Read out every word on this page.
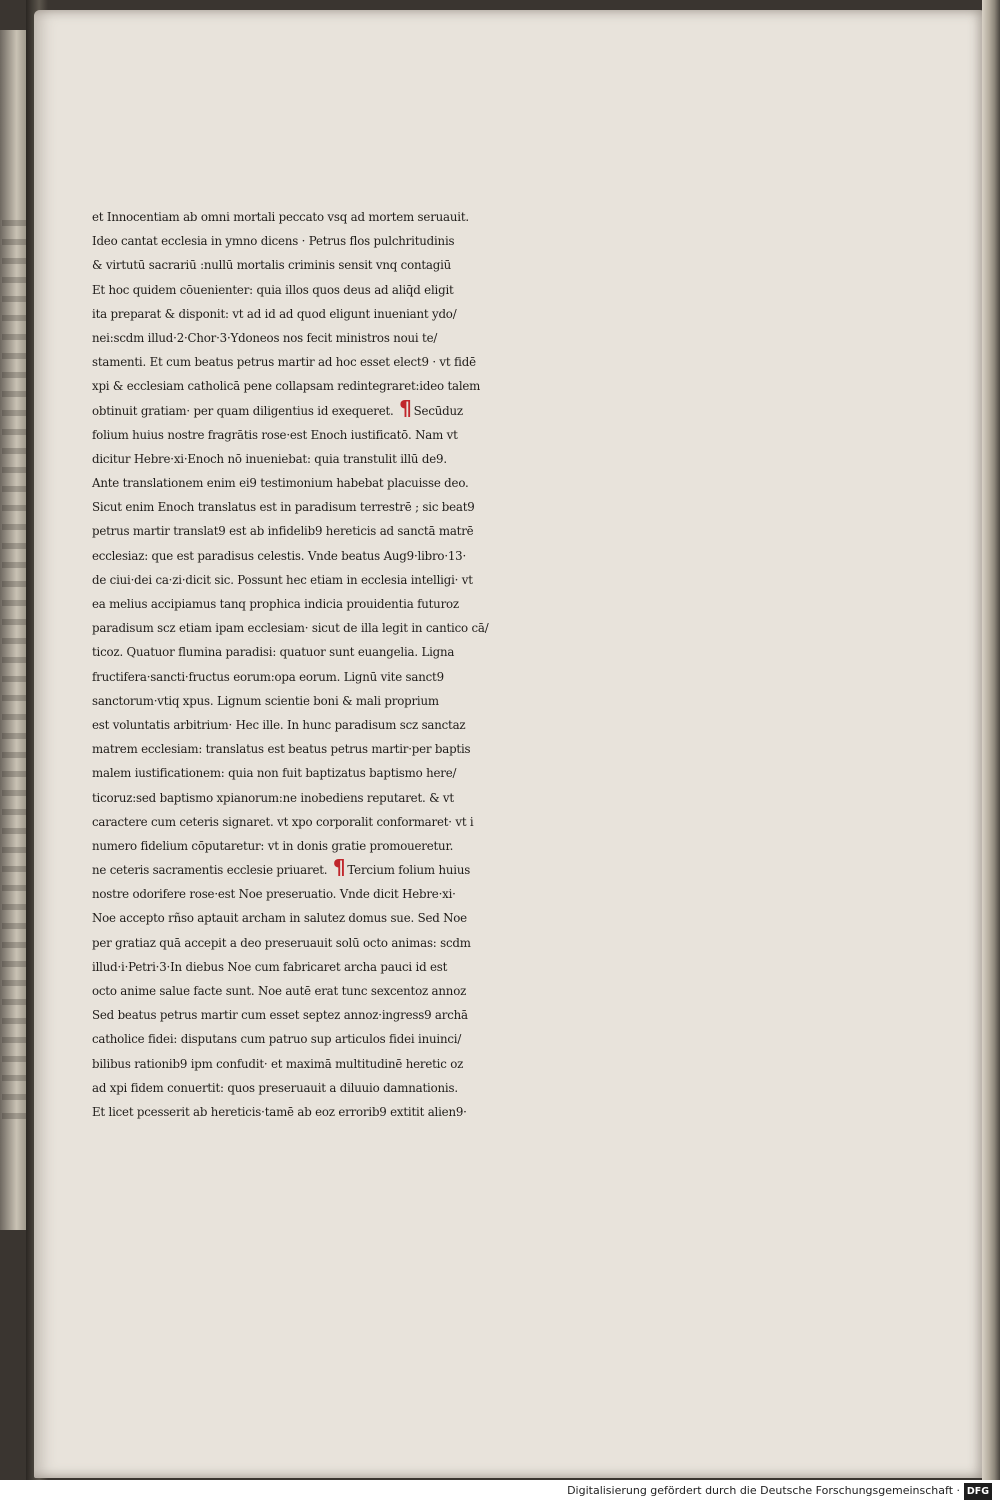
et Innocentiam ab omni mortali peccato vsq ad mortem seruauit.
Ideo cantat ecclesia in ymno dicens · Petrus flos pulchritudinis
& virtutū sacrariū :nullū mortalis criminis sensit vnq contagiū
Et hoc quidem cōuenienter: quia illos quos deus ad aliq̄d eligit
ita preparat & disponit: vt ad id ad quod eligunt inueniant ydo/
nei:scdm illud·2·Chor·3·Ydoneos nos fecit ministros noui te/
stamenti. Et cum beatus petrus martir ad hoc esset elect9 · vt fidē
xpi & ecclesiam catholicā pene collapsam redintegraret:ideo talem
obtinuit gratiam· per quam diligentius id exequeret. ¶ Secūduz
folium huius nostre fragrātis rose·est Enoch iustificatō. Nam vt
dicitur Hebre·xi·Enoch nō inueniebat: quia transtulit illū de9.
Ante translationem enim ei9 testimonium habebat placuisse deo.
Sicut enim Enoch translatus est in paradisum terrestrē ; sic beat9
petrus martir translat9 est ab infidelib9 hereticis ad sanctā matrē
ecclesiaz: que est paradisus celestis. Vnde beatus Aug9·libro·13·
de ciui·dei ca·zi·dicit sic. Possunt hec etiam in ecclesia intelligi· vt
ea melius accipiamus tanq prophica indicia prouidentia futuroz
paradisum scz etiam ipam ecclesiam· sicut de illa legit in cantico cā/
ticoz. Quatuor flumina paradisi: quatuor sunt euangelia. Ligna
fructifera·sancti·fructus eorum:opa eorum. Lignū vite sanct9
sanctorum·vtiq xpus. Lignum scientie boni & mali proprium
est voluntatis arbitrium· Hec ille. In hunc paradisum scz sanctaz
matrem ecclesiam: translatus est beatus petrus martir·per baptis
malem iustificationem: quia non fuit baptizatus baptismo here/
ticoruz:sed baptismo xpianorum:ne inobediens reputaret. & vt
caractere cum ceteris signaret. vt xpo corporalit conformaret· vt i
numero fidelium cōputaretur: vt in donis gratie promoueretur.
ne ceteris sacramentis ecclesie priuaret. ¶ Tercium folium huius
nostre odorifere rose·est Noe preseruatio. Vnde dicit Hebre·xi·
Noe accepto rñso aptauit archam in salutez domus sue. Sed Noe
per gratiaz quā accepit a deo preseruauit solū octo animas: scdm
illud·i·Petri·3·In diebus Noe cum fabricaret archa pauci id est
octo anime salue facte sunt. Noe autē erat tunc sexcentoz annoz
Sed beatus petrus martir cum esset septez annoz·ingress9 archā
catholice fidei: disputans cum patruo sup articulos fidei inuinci/
bilibus rationib9 ipm confudit· et maximā multitudinē heretic oz
ad xpi fidem conuertit: quos preseruauit a diluuio damnationis.
Et licet pcesserit ab hereticis·tamē ab eoz errorib9 extitit alien9·
Digitalisierung gefördert durch die Deutsche Forschungsgemeinschaft · DFG
